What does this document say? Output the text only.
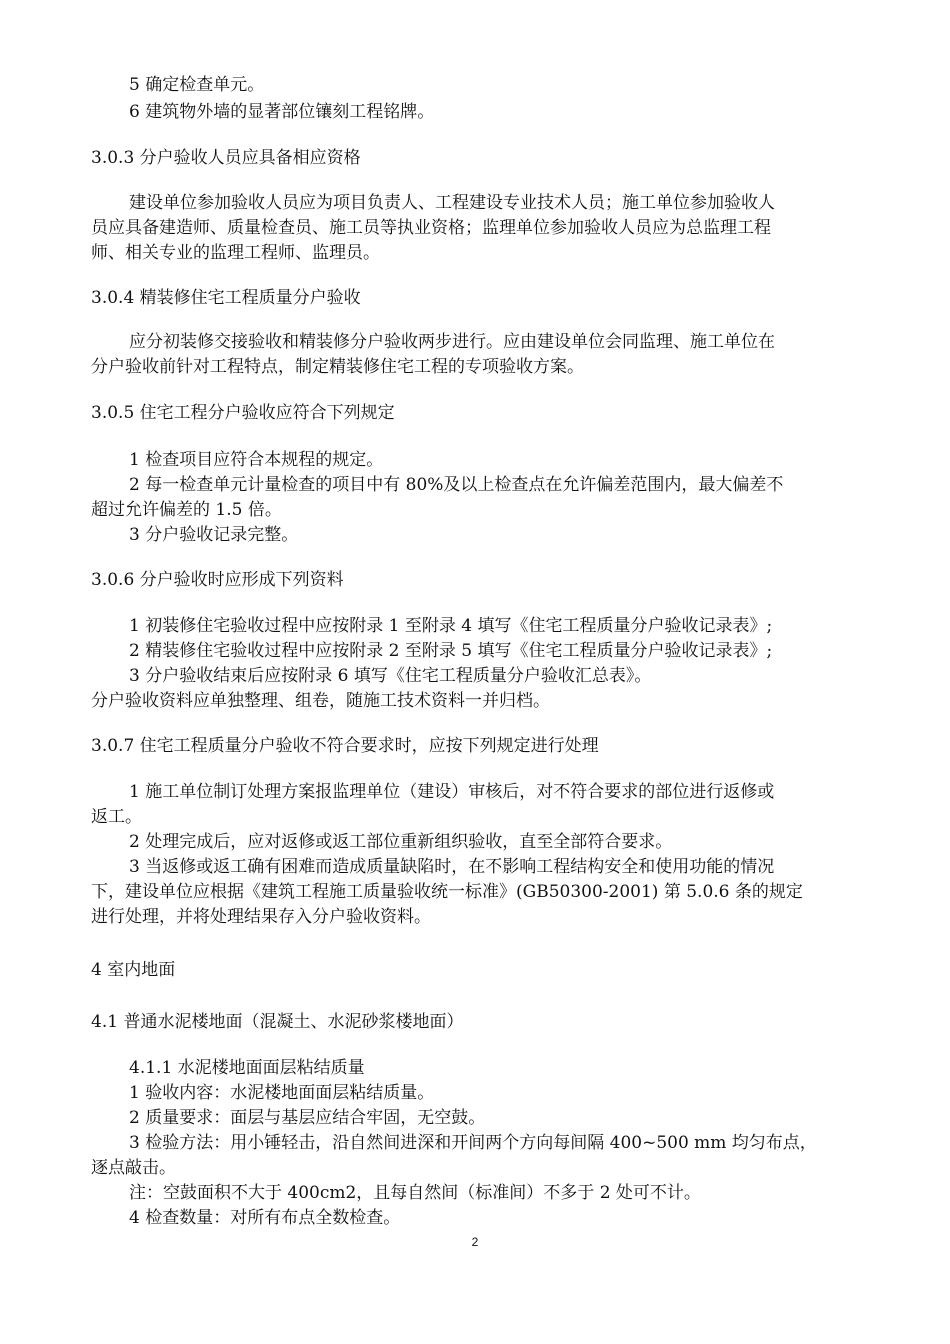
5 确定检查单元。
6 建筑物外墙的显著部位镶刻工程铭牌。
3.0.3 分户验收人员应具备相应资格
建设单位参加验收人员应为项目负责人、工程建设专业技术人员；施工单位参加验收人
员应具备建造师、质量检查员、施工员等执业资格；监理单位参加验收人员应为总监理工程
师、相关专业的监理工程师、监理员。
3.0.4 精装修住宅工程质量分户验收
应分初装修交接验收和精装修分户验收两步进行。应由建设单位会同监理、施工单位在
分户验收前针对工程特点，制定精装修住宅工程的专项验收方案。
3.0.5 住宅工程分户验收应符合下列规定
1 检查项目应符合本规程的规定。
2 每一检查单元计量检查的项目中有 80%及以上检查点在允许偏差范围内，最大偏差不
超过允许偏差的 1.5 倍。
3 分户验收记录完整。
3.0.6 分户验收时应形成下列资料
1 初装修住宅验收过程中应按附录 1 至附录 4 填写《住宅工程质量分户验收记录表》;
2 精装修住宅验收过程中应按附录 2 至附录 5 填写《住宅工程质量分户验收记录表》;
3 分户验收结束后应按附录 6 填写《住宅工程质量分户验收汇总表》。
分户验收资料应单独整理、组卷，随施工技术资料一并归档。
3.0.7 住宅工程质量分户验收不符合要求时，应按下列规定进行处理
1 施工单位制订处理方案报监理单位（建设）审核后，对不符合要求的部位进行返修或
返工。
2 处理完成后，应对返修或返工部位重新组织验收，直至全部符合要求。
3 当返修或返工确有困难而造成质量缺陷时，在不影响工程结构安全和使用功能的情况
下，建设单位应根据《建筑工程施工质量验收统一标准》(GB50300-2001) 第 5.0.6 条的规定
进行处理，并将处理结果存入分户验收资料。
4 室内地面
4.1 普通水泥楼地面（混凝土、水泥砂浆楼地面）
4.1.1 水泥楼地面面层粘结质量
1 验收内容：水泥楼地面面层粘结质量。
2 质量要求：面层与基层应结合牢固，无空鼓。
3 检验方法：用小锤轻击，沿自然间进深和开间两个方向每间隔 400~500 mm 均匀布点，
逐点敲击。
注：空鼓面积不大于 400cm2，且每自然间（标准间）不多于 2 处可不计。
4 检查数量：对所有布点全数检查。
2
